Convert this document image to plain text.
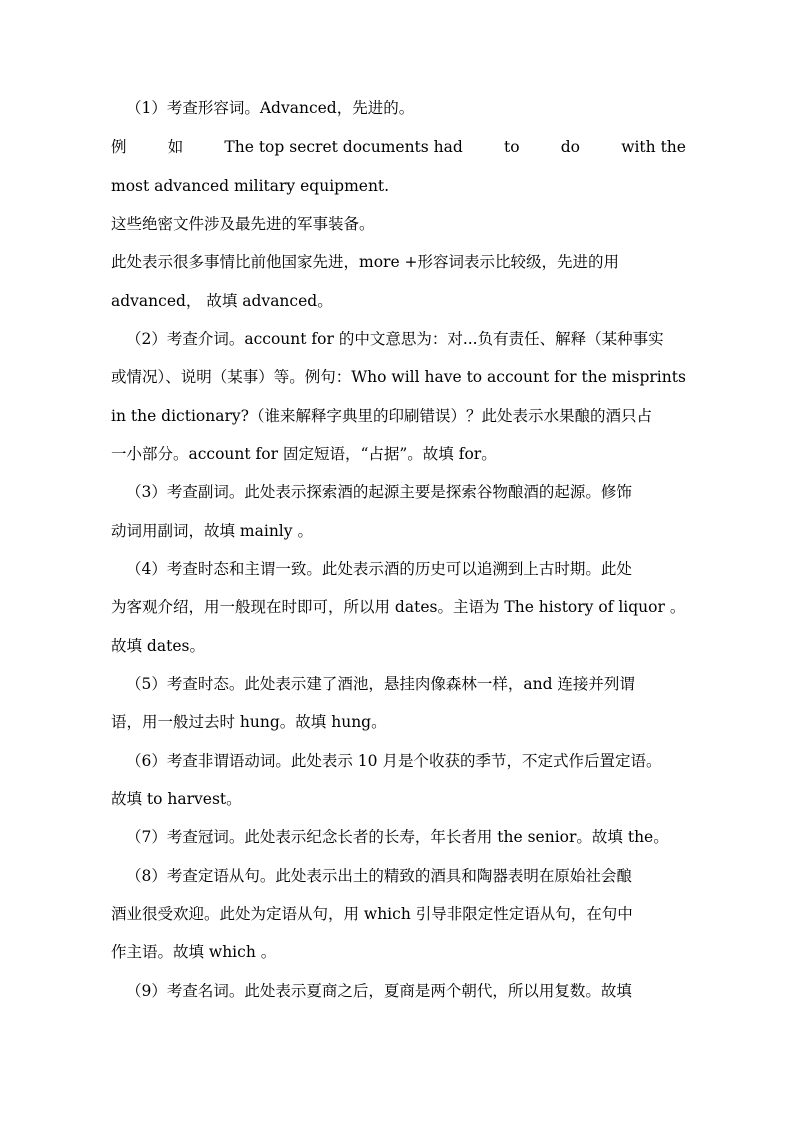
（1）考查形容词。Advanced，先进的。
例	如	The top secret documents had	to	do	with the
most advanced military equipment.
这些绝密文件涉及最先进的军事装备。
此处表示很多事情比前他国家先进，more +形容词表示比较级，先进的用
advanced， 故填 advanced。
（2）考查介词。account for 的中文意思为：对...负有责任、解释（某种事实
或情况）、说明（某事）等。例句：Who will have to account for the misprints
in the dictionary?（谁来解释字典里的印刷错误）？此处表示水果酿的酒只占
一小部分。account for 固定短语，“占据”。故填 for。
（3）考查副词。此处表示探索酒的起源主要是探索谷物酿酒的起源。修饰
动词用副词，故填 mainly 。
（4）考查时态和主谓一致。此处表示酒的历史可以追溯到上古时期。此处
为客观介绍，用一般现在时即可，所以用 dates。主语为 The history of liquor 。
故填 dates。
（5）考查时态。此处表示建了酒池，悬挂肉像森林一样，and 连接并列谓
语，用一般过去时 hung。故填 hung。
（6）考查非谓语动词。此处表示 10 月是个收获的季节，不定式作后置定语。
故填 to harvest。
（7）考查冠词。此处表示纪念长者的长寿，年长者用 the senior。故填 the。
（8）考查定语从句。此处表示出土的精致的酒具和陶器表明在原始社会酿
酒业很受欢迎。此处为定语从句，用 which 引导非限定性定语从句，在句中
作主语。故填 which 。
（9）考查名词。此处表示夏商之后，夏商是两个朝代，所以用复数。故填
